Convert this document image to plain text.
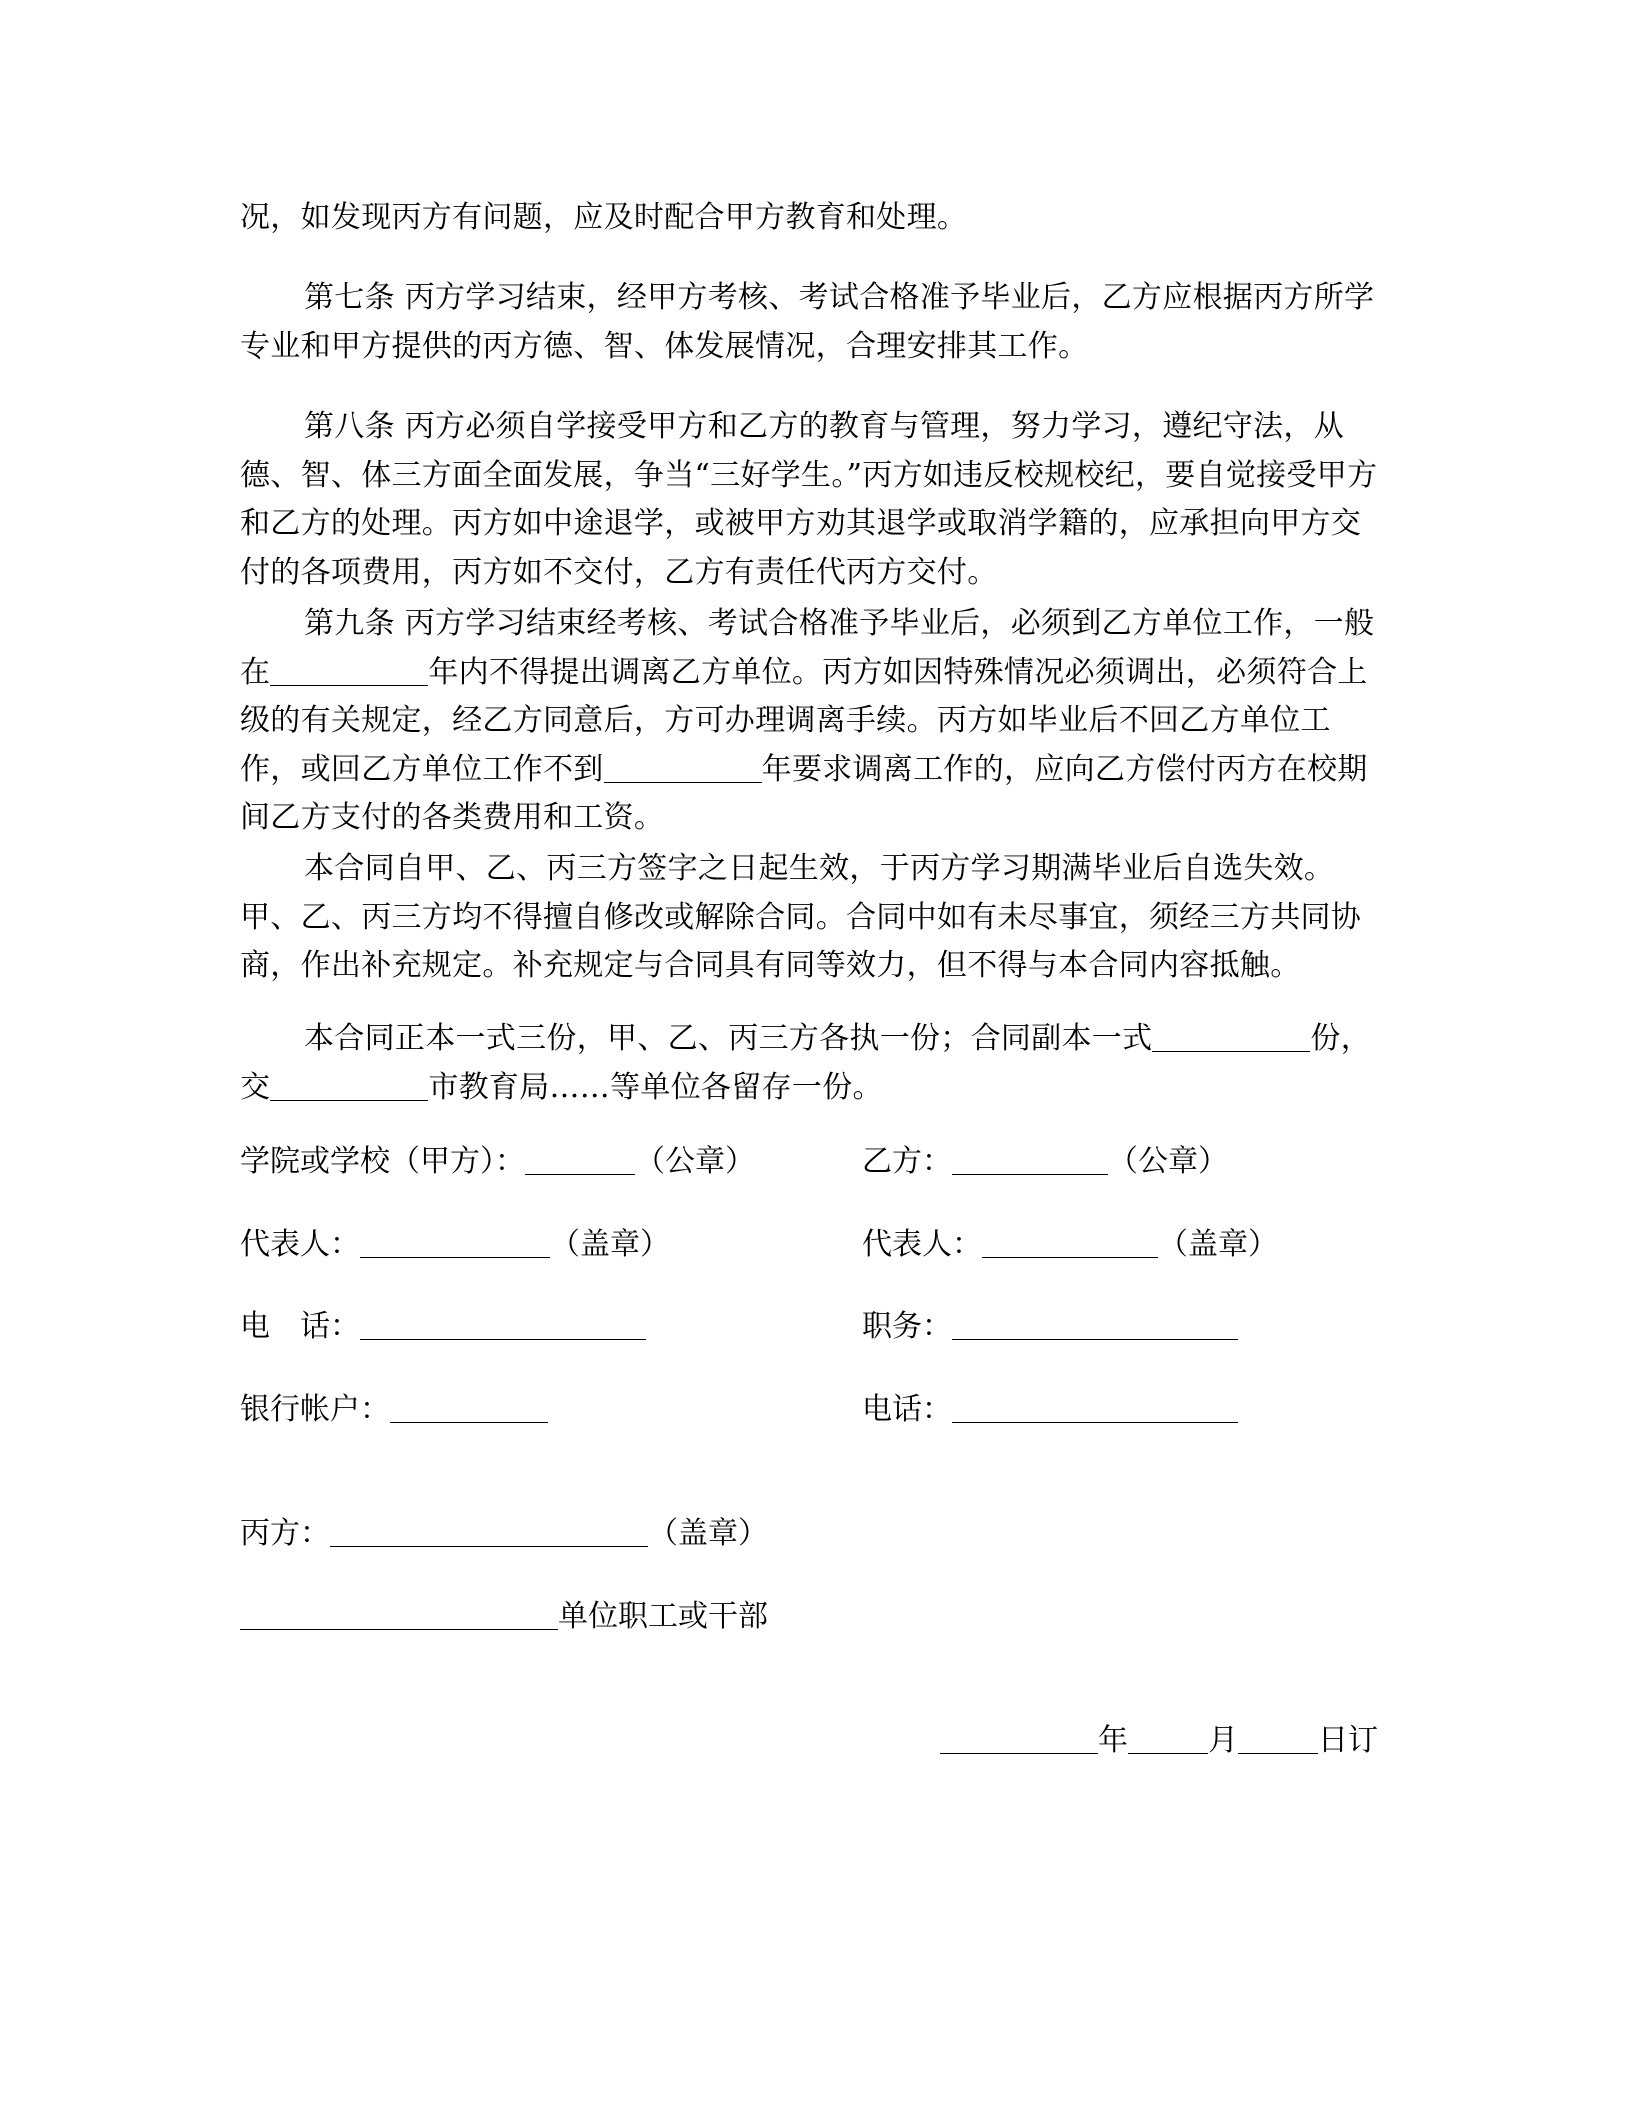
况，如发现丙方有问题，应及时配合甲方教育和处理。

第七条 丙方学习结束，经甲方考核、考试合格准予毕业后，乙方应根据丙方所学专业和甲方提供的丙方德、智、体发展情况，合理安排其工作。

第八条 丙方必须自学接受甲方和乙方的教育与管理，努力学习，遵纪守法，从德、智、体三方面全面发展，争当“三好学生。”丙方如违反校规校纪，要自觉接受甲方和乙方的处理。丙方如中途退学，或被甲方劝其退学或取消学籍的，应承担向甲方交付的各项费用，丙方如不交付，乙方有责任代丙方交付。

第九条 丙方学习结束经考核、考试合格准予毕业后，必须到乙方单位工作，一般在	年内不得提出调离乙方单位。丙方如因特殊情况必须调出，必须符合上级的有关规定，经乙方同意后，方可办理调离手续。丙方如毕业后不回乙方单位工作，或回乙方单位工作不到	年要求调离工作的，应向乙方偿付丙方在校期间乙方支付的各类费用和工资。

本合同自甲、乙、丙三方签字之日起生效，于丙方学习期满毕业后自选失效。甲、乙、丙三方均不得擅自修改或解除合同。合同中如有未尽事宜，须经三方共同协商，作出补充规定。补充规定与合同具有同等效力，但不得与本合同内容抵触。

本合同正本一式三份，甲、乙、丙三方各执一份；合同副本一式	份，交	市教育局……等单位各留存一份。

学院或学校（甲方）：	（公章）	乙方：	（公章）
代表人：	（盖章）	代表人：	（盖章）
电　话：	职务：
银行帐户：	电话：
丙方：	（盖章）
单位职工或干部
年	月	日订
